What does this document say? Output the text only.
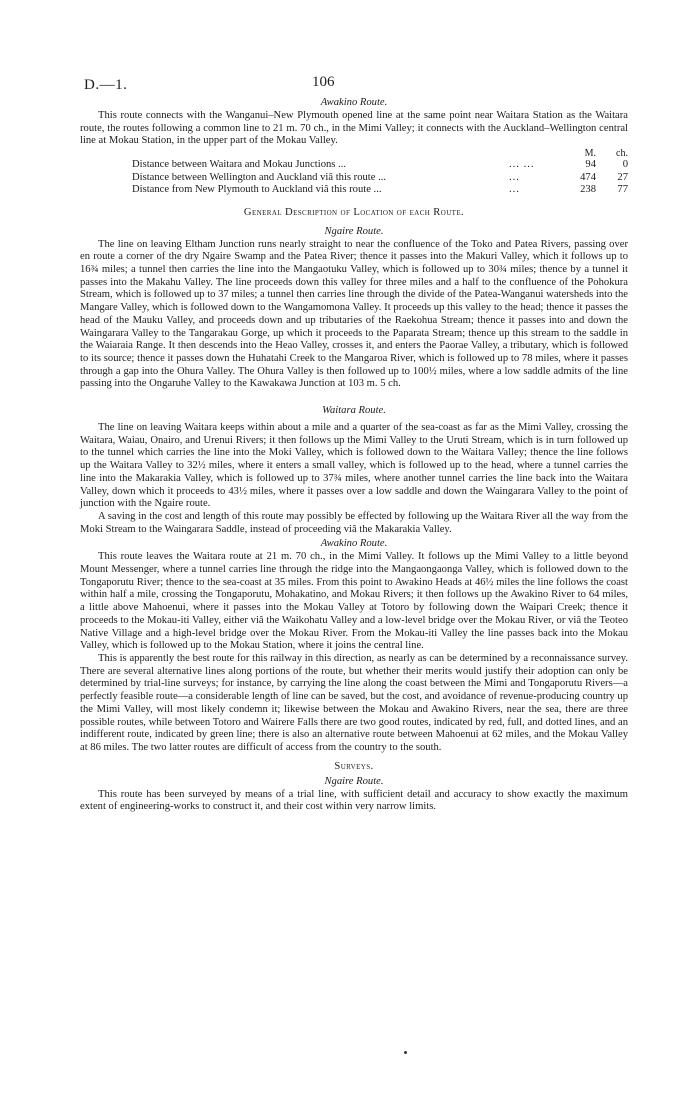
D.—1.	106
Awakino Route.

This route connects with the Wanganui–New Plymouth opened line at the same point near Waitara Station as the Waitara route, the routes following a common line to 21 m. 70 ch., in the Mimi Valley; it connects with the Auckland–Wellington central line at Mokau Station, in the upper part of the Mokau Valley.

		M.	ch.
Distance between Waitara and Mokau Junctions ...	... ...	94	0
Distance between Wellington and Auckland viâ this route ...	...	474	27
Distance from New Plymouth to Auckland viâ this route ...	...	238	77
General Description of Location of each Route.
Ngaire Route.

The line on leaving Eltham Junction runs nearly straight to near the confluence of the Toko and Patea Rivers, passing over en route a corner of the dry Ngaire Swamp and the Patea River; thence it passes into the Makuri Valley, which it follows up to 16¾ miles; a tunnel then carries the line into the Mangaotuku Valley, which is followed up to 30¾ miles; thence by a tunnel it passes into the Makahu Valley. The line proceeds down this valley for three miles and a half to the confluence of the Pohokura Stream, which is followed up to 37 miles; a tunnel then carries line through the divide of the Patea-Wanganui watersheds into the Mangare Valley, which is followed down to the Wangamomona Valley. It proceeds up this valley to the head; thence it passes the head of the Mauku Valley, and proceeds down and up tributaries of the Raekohua Stream; thence it passes into and down the Waingarara Valley to the Tangarakau Gorge, up which it proceeds to the Paparata Stream; thence up this stream to the saddle in the Waiaraia Range. It then descends into the Heao Valley, crosses it, and enters the Paorae Valley, a tributary, which is followed to its source; thence it passes down the Huhatahi Creek to the Mangaroa River, which is followed up to 78 miles, where it passes through a gap into the Ohura Valley. The Ohura Valley is then followed up to 100½ miles, where a low saddle admits of the line passing into the Ongaruhe Valley to the Kawakawa Junction at 103 m. 5 ch.

Waitara Route.

The line on leaving Waitara keeps within about a mile and a quarter of the sea-coast as far as the Mimi Valley, crossing the Waitara, Waiau, Onairo, and Urenui Rivers; it then follows up the Mimi Valley to the Uruti Stream, which is in turn followed up to the tunnel which carries the line into the Moki Valley, which is followed down to the Waitara Valley; thence the line follows up the Waitara Valley to 32½ miles, where it enters a small valley, which is followed up to the head, where a tunnel carries the line into the Makarakia Valley, which is followed up to 37¾ miles, where another tunnel carries the line back into the Waitara Valley, down which it proceeds to 43½ miles, where it passes over a low saddle and down the Waingarara Valley to the point of junction with the Ngaire route.

A saving in the cost and length of this route may possibly be effected by following up the Waitara River all the way from the Moki Stream to the Waingarara Saddle, instead of proceeding viâ the Makarakia Valley.

Awakino Route.

This route leaves the Waitara route at 21 m. 70 ch., in the Mimi Valley. It follows up the Mimi Valley to a little beyond Mount Messenger, where a tunnel carries line through the ridge into the Mangaongaonga Valley, which is followed down to the Tongaporutu River; thence to the sea-coast at 35 miles. From this point to Awakino Heads at 46½ miles the line follows the coast within half a mile, crossing the Tongaporutu, Mohakatino, and Mokau Rivers; it then follows up the Awakino River to 64 miles, a little above Mahoenui, where it passes into the Mokau Valley at Totoro by following down the Waipari Creek; thence it proceeds to the Mokau-iti Valley, either viâ the Waikohatu Valley and a low-level bridge over the Mokau River, or viâ the Teoteo Native Village and a high-level bridge over the Mokau River. From the Mokau-iti Valley the line passes back into the Mokau Valley, which is followed up to the Mokau Station, where it joins the central line.

This is apparently the best route for this railway in this direction, as nearly as can be determined by a reconnaissance survey. There are several alternative lines along portions of the route, but whether their merits would justify their adoption can only be determined by trial-line surveys; for instance, by carrying the line along the coast between the Mimi and Tongaporutu Rivers—a perfectly feasible route—a considerable length of line can be saved, but the cost, and avoidance of revenue-producing country up the Mimi Valley, will most likely condemn it; likewise between the Mokau and Awakino Rivers, near the sea, there are three possible routes, while between Totoro and Wairere Falls there are two good routes, indicated by red, full, and dotted lines, and an indifferent route, indicated by green line; there is also an alternative route between Mahoenui at 62 miles, and the Mokau Valley at 86 miles. The two latter routes are difficult of access from the country to the south.

Surveys.
Ngaire Route.

This route has been surveyed by means of a trial line, with sufficient detail and accuracy to show exactly the maximum extent of engineering-works to construct it, and their cost within very narrow limits.
